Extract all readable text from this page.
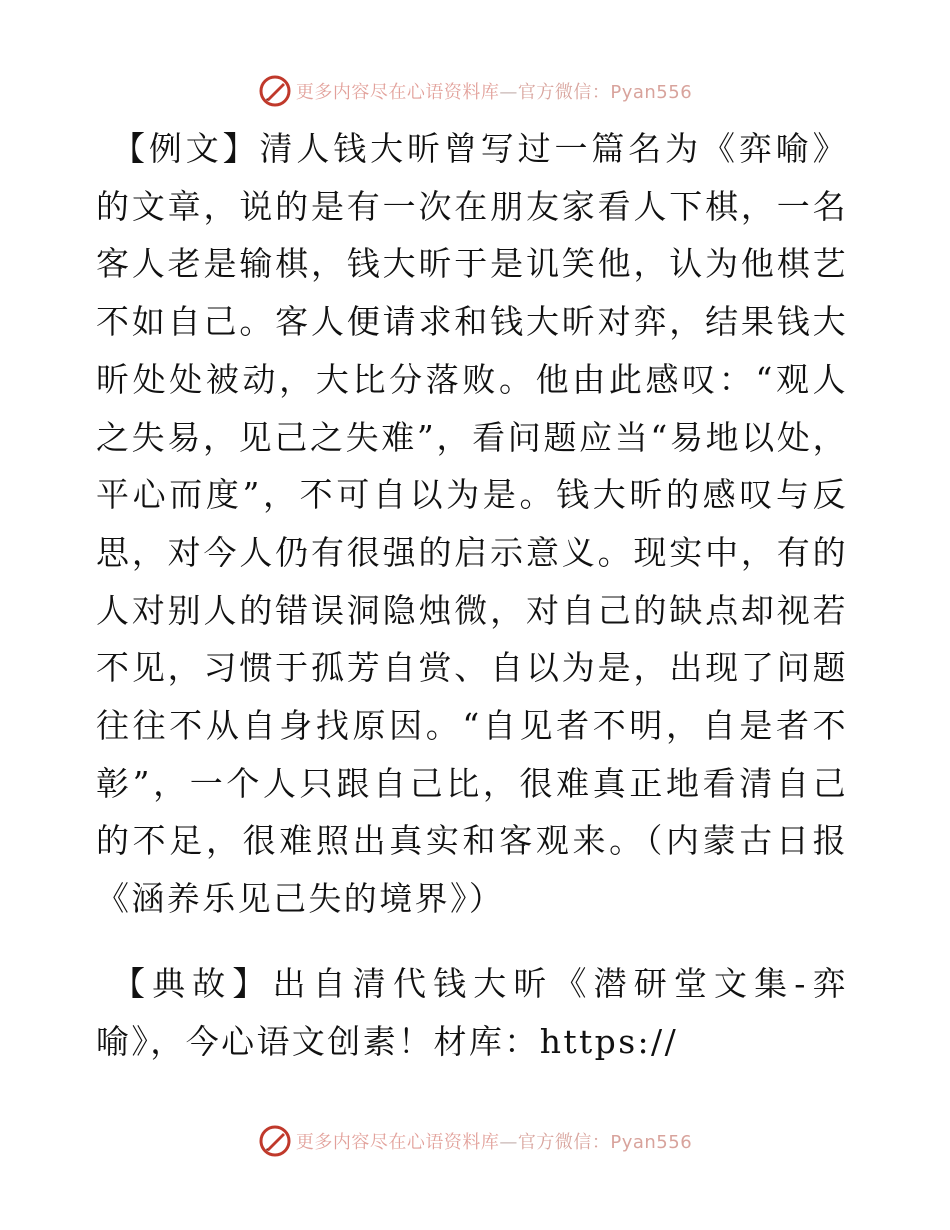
更多内容尽在心语资料库—官方微信：Pyan556

【例文】清人钱大昕曾写过一篇名为《弈喻》的文章，说的是有一次在朋友家看人下棋，一名客人老是输棋，钱大昕于是讥笑他，认为他棋艺不如自己。客人便请求和钱大昕对弈，结果钱大昕处处被动，大比分落败。他由此感叹：“观人之失易，见己之失难”，看问题应当“易地以处，平心而度”，不可自以为是。钱大昕的感叹与反思，对今人仍有很强的启示意义。现实中，有的人对别人的错误洞隐烛微，对自己的缺点却视若不见，习惯于孤芳自赏、自以为是，出现了问题往往不从自身找原因。“自见者不明，自是者不彰”，一个人只跟自己比，很难真正地看清自己的不足，很难照出真实和客观来。（内蒙古日报《涵养乐见己失的境界》）

【典故】出自清代钱大昕《潜研堂文集-弈喻》，今心语文创素！材库：https://

更多内容尽在心语资料库—官方微信：Pyan556
